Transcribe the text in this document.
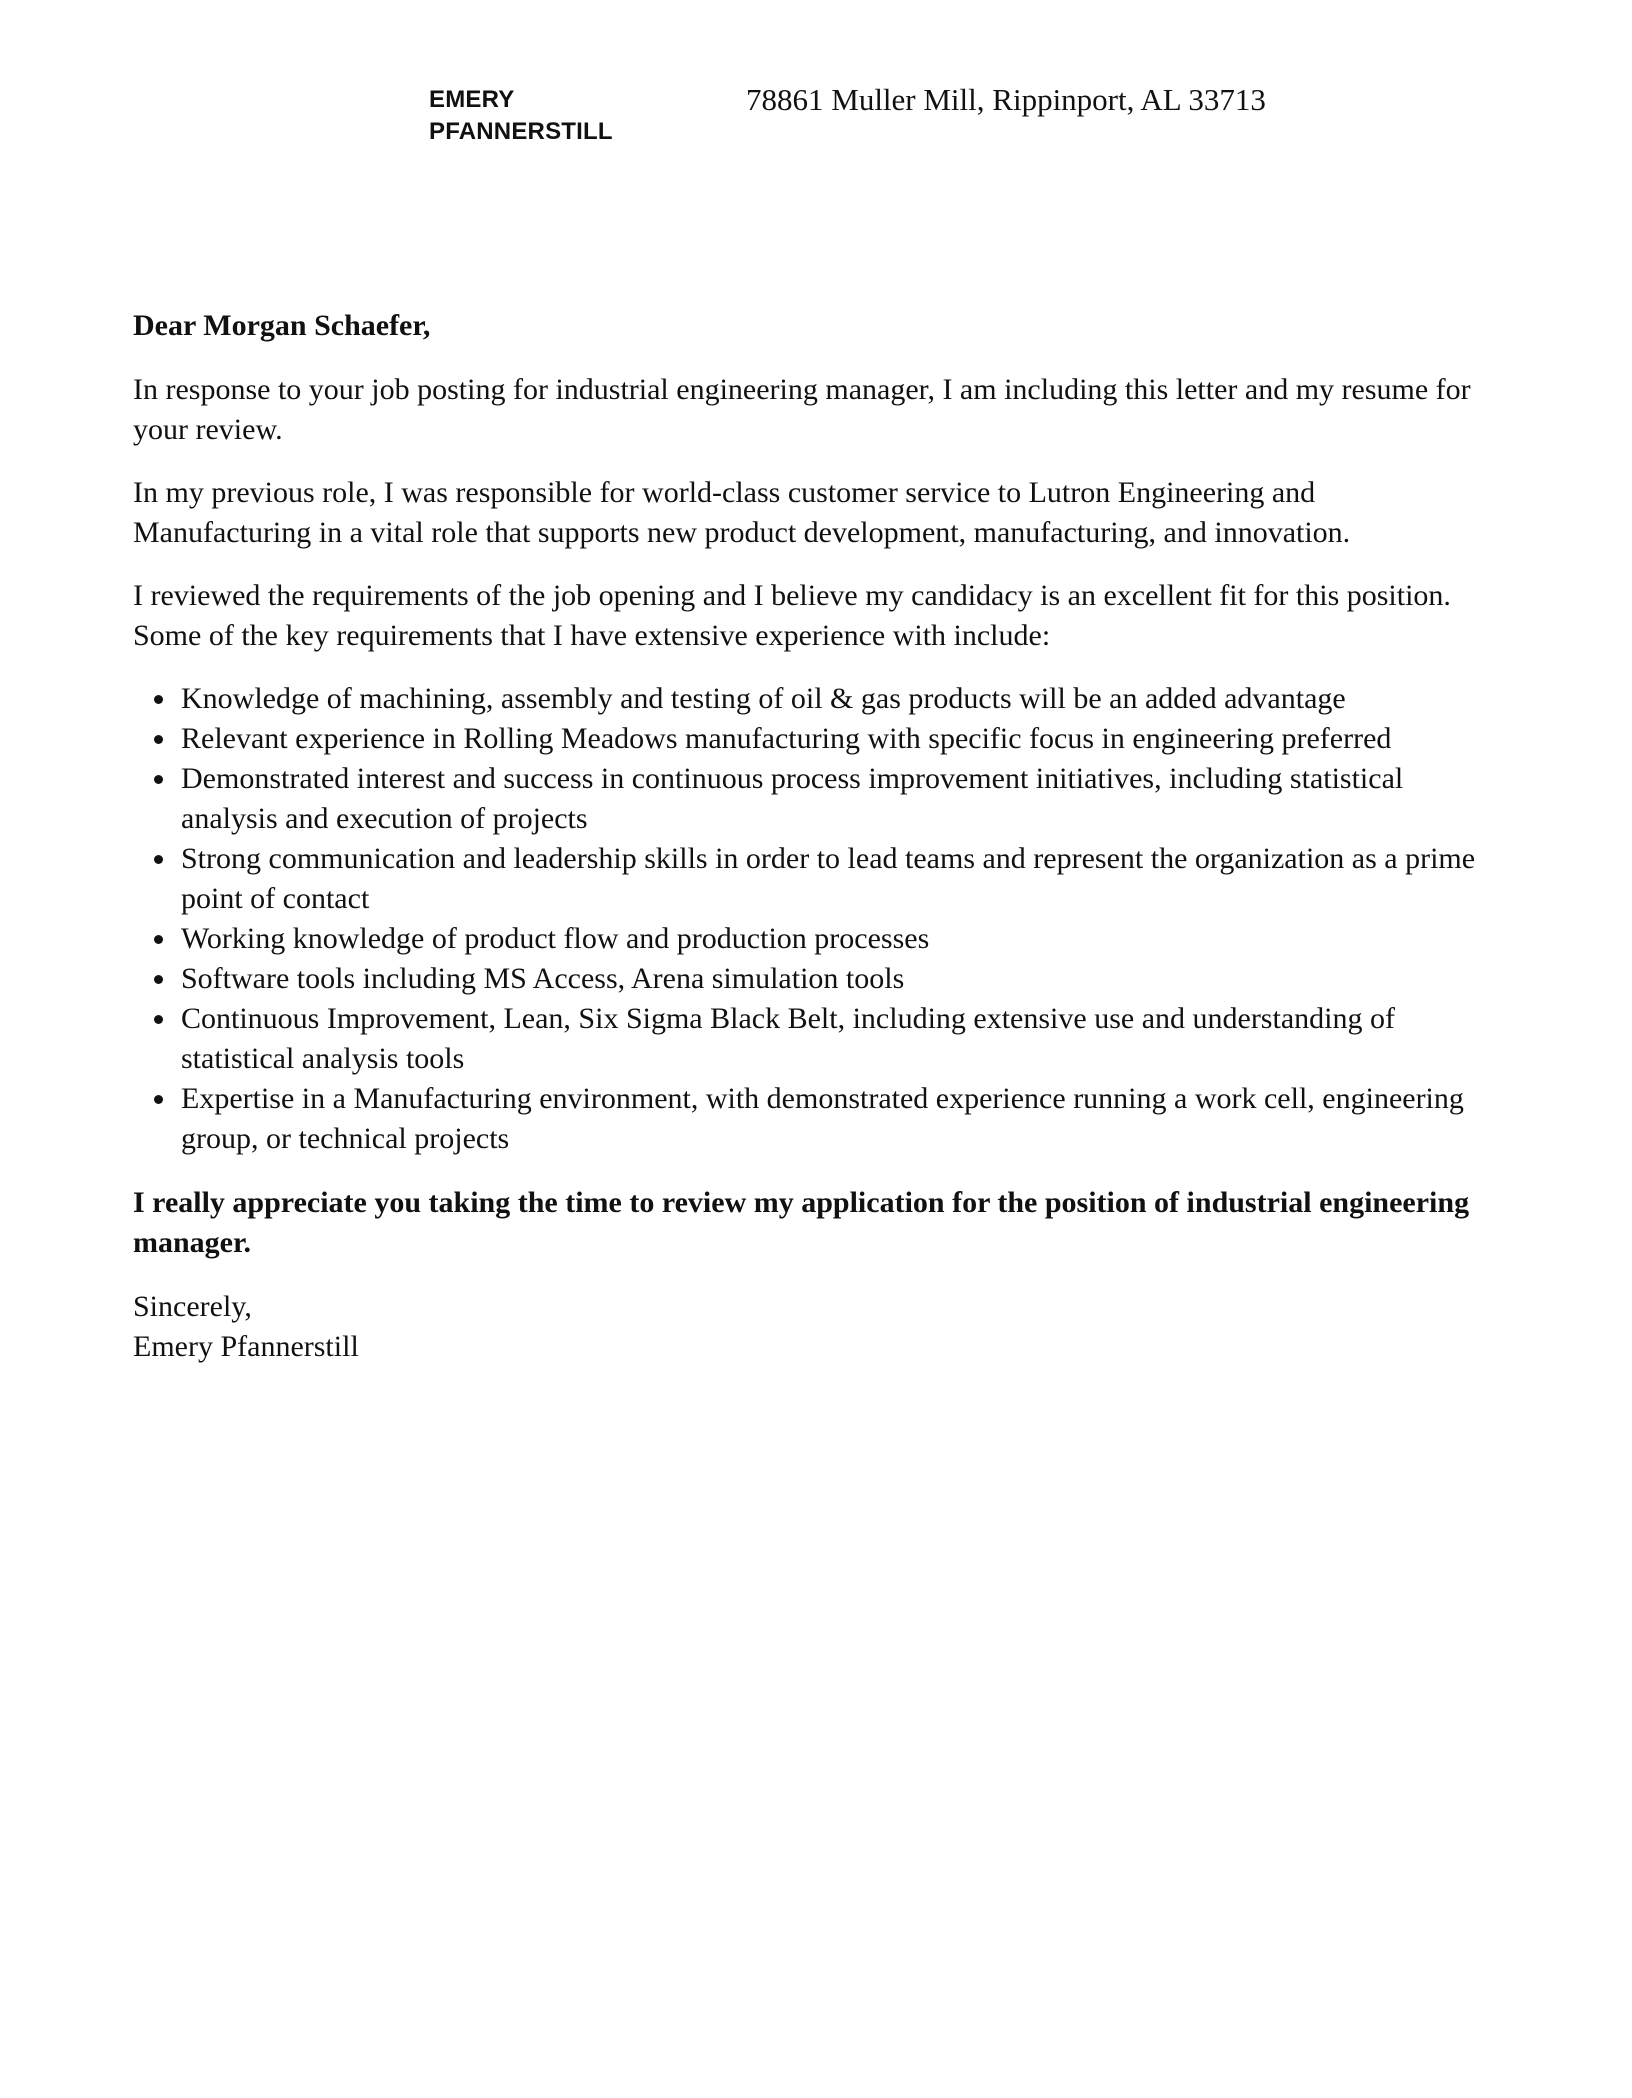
EMERY
PFANNERSTILL
78861 Muller Mill, Rippinport, AL 33713

Dear Morgan Schaefer,

In response to your job posting for industrial engineering manager, I am including this letter and my resume for your review.

In my previous role, I was responsible for world-class customer service to Lutron Engineering and Manufacturing in a vital role that supports new product development, manufacturing, and innovation.

I reviewed the requirements of the job opening and I believe my candidacy is an excellent fit for this position. Some of the key requirements that I have extensive experience with include:

Knowledge of machining, assembly and testing of oil & gas products will be an added advantage
Relevant experience in Rolling Meadows manufacturing with specific focus in engineering preferred
Demonstrated interest and success in continuous process improvement initiatives, including statistical analysis and execution of projects
Strong communication and leadership skills in order to lead teams and represent the organization as a prime point of contact
Working knowledge of product flow and production processes
Software tools including MS Access, Arena simulation tools
Continuous Improvement, Lean, Six Sigma Black Belt, including extensive use and understanding of statistical analysis tools
Expertise in a Manufacturing environment, with demonstrated experience running a work cell, engineering group, or technical projects

I really appreciate you taking the time to review my application for the position of industrial engineering manager.

Sincerely,
Emery Pfannerstill
